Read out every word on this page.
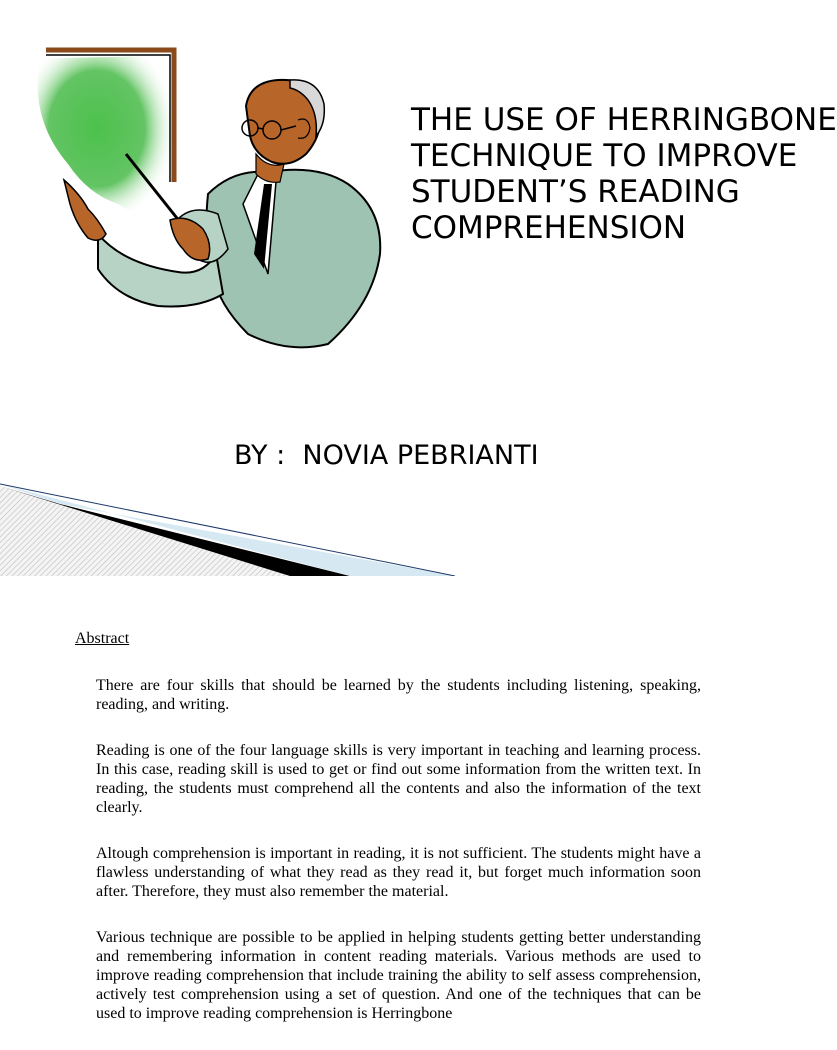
THE USE OF HERRINGBONE
TECHNIQUE TO IMPROVE
STUDENT’S READING
COMPREHENSION
BY :  NOVIA PEBRIANTI
Abstract

There are four skills that should be learned by the students including listening, speaking, reading, and writing.

Reading is one of the four language skills is very important in teaching and learning process. In this case, reading skill is used to get or find out some information from the written text. In reading, the students must comprehend all the contents and also the information of the text clearly.

Altough comprehension is important in reading, it is not sufficient. The students might have a flawless understanding of what they read as they read it, but forget much information soon after. Therefore, they must also remember the material.

Various technique are possible to be applied in helping students getting better understanding and remembering information in content reading materials. Various methods are used to improve reading comprehension that include training the ability to self assess comprehension, actively test comprehension using a set of question. And one of the techniques that can be used to improve reading comprehension is Herringbone
